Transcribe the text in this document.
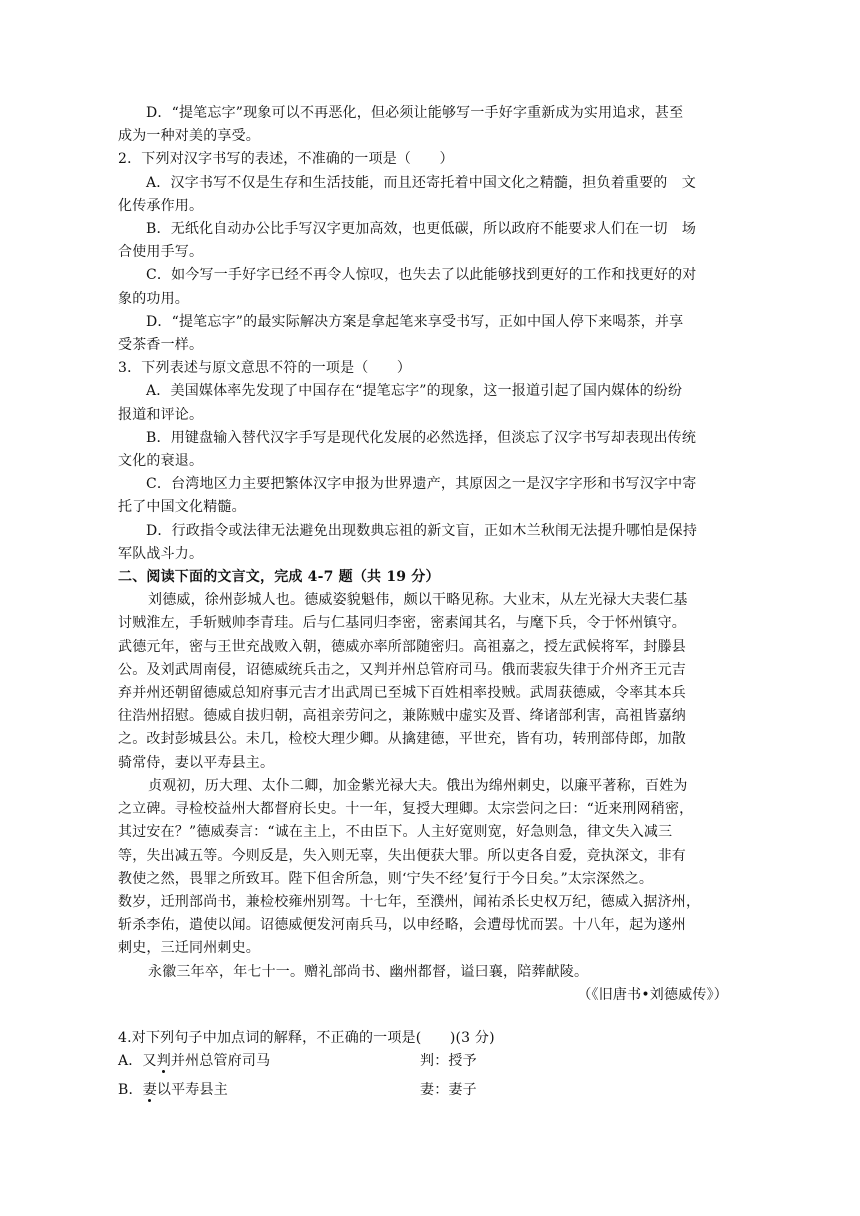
D．“提笔忘字”现象可以不再恶化，但必须让能够写一手好字重新成为实用追求，甚至
成为一种对美的享受。
2．下列对汉字书写的表述，不准确的一项是（　　）
A．汉字书写不仅是生存和生活技能，而且还寄托着中国文化之精髓，担负着重要的　文
化传承作用。
B．无纸化自动办公比手写汉字更加高效，也更低碳，所以政府不能要求人们在一切　场
合使用手写。
C．如今写一手好字已经不再令人惊叹，也失去了以此能够找到更好的工作和找更好的对
象的功用。
D．“提笔忘字”的最实际解决方案是拿起笔来享受书写，正如中国人停下来喝茶，并享
受茶香一样。
3．下列表述与原文意思不符的一项是（　　）
A．美国媒体率先发现了中国存在“提笔忘字”的现象，这一报道引起了国内媒体的纷纷
报道和评论。
B．用键盘输入替代汉字手写是现代化发展的必然选择，但淡忘了汉字书写却表现出传统
文化的衰退。
C．台湾地区力主要把繁体汉字申报为世界遗产，其原因之一是汉字字形和书写汉字中寄
托了中国文化精髓。
D．行政指令或法律无法避免出现数典忘祖的新文盲，正如木兰秋闱无法提升哪怕是保持
军队战斗力。
二、阅读下面的文言文，完成 4-7 题（共 19 分）
刘德威，徐州彭城人也。德威姿貌魁伟，颇以干略见称。大业末，从左光禄大夫裴仁基
讨贼淮左，手斩贼帅李青珪。后与仁基同归李密，密素闻其名，与麾下兵，令于怀州镇守。
武德元年，密与王世充战败入朝，德威亦率所部随密归。高祖嘉之，授左武候将军，封滕县
公。及刘武周南侵，诏德威统兵击之，又判并州总管府司马。俄而裴寂失律于介州齐王元吉
弃并州还朝留德威总知府事元吉才出武周已至城下百姓相率投贼。武周获德威，令率其本兵
往浩州招慰。德威自拔归朝，高祖亲劳问之，兼陈贼中虚实及晋、绛诸部利害，高祖皆嘉纳
之。改封彭城县公。未几，检校大理少卿。从擒建德，平世充，皆有功，转刑部侍郎，加散
骑常侍，妻以平寿县主。
贞观初，历大理、太仆二卿，加金紫光禄大夫。俄出为绵州刺史，以廉平著称，百姓为
之立碑。寻检校益州大都督府长史。十一年，复授大理卿。太宗尝问之曰：“近来刑网稍密，
其过安在？”德威奏言：“诚在主上，不由臣下。人主好宽则宽，好急则急，律文失入减三
等，失出减五等。今则反是，失入则无辜，失出便获大罪。所以吏各自爱，竞执深文，非有
教使之然，畏罪之所致耳。陛下但舍所急，则‘宁失不经’复行于今日矣。”太宗深然之。
数岁，迁刑部尚书，兼检校雍州别驾。十七年，至濮州，闻祐杀长史权万纪，德威入据济州，
斩杀李佑，遣使以闻。诏德威便发河南兵马，以申经略，会遭母忧而罢。十八年，起为遂州
刺史，三迁同州刺史。
永徽三年卒，年七十一。赠礼部尚书、幽州都督，谥曰襄，陪葬献陵。
（《旧唐书•刘德威传》）
4.对下列句子中加点词的解释，不正确的一项是(　　)(3 分)
A．又判并州总管府司马	判：授予
B．妻以平寿县主	妻：妻子
